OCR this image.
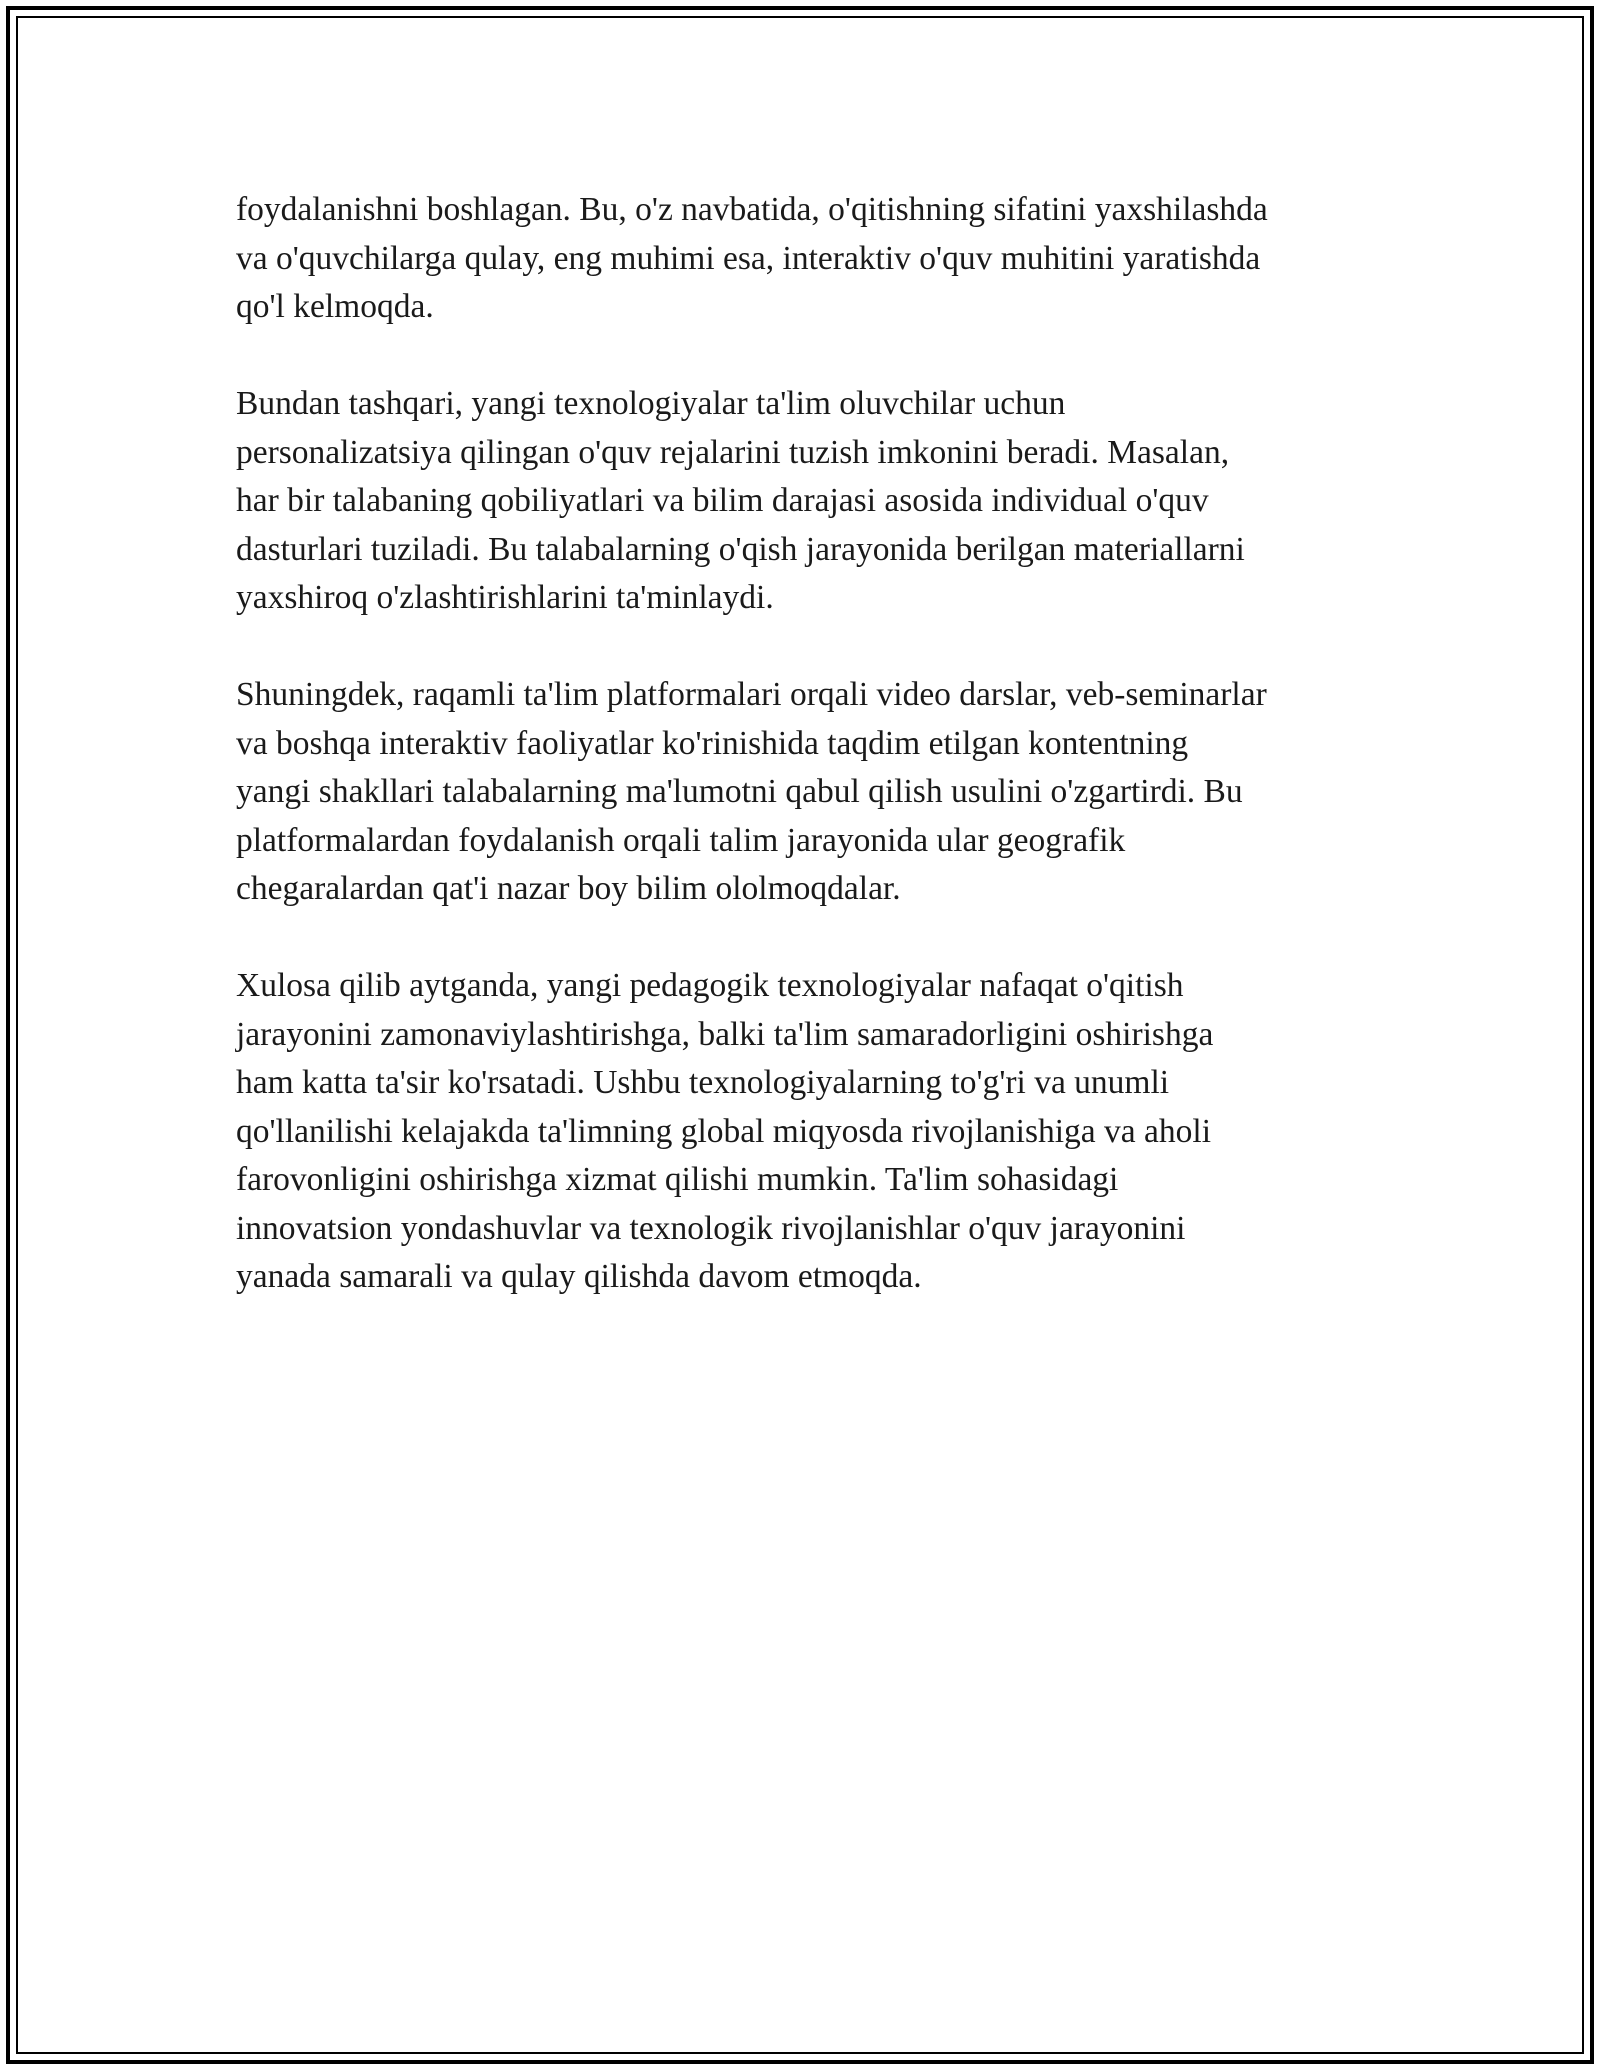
foydalanishni boshlagan. Bu, o'z navbatida, o'qitishning sifatini yaxshilashda
va o'quvchilarga qulay, eng muhimi esa, interaktiv o'quv muhitini yaratishda
qo'l kelmoqda.

Bundan tashqari, yangi texnologiyalar ta'lim oluvchilar uchun
personalizatsiya qilingan o'quv rejalarini tuzish imkonini beradi. Masalan,
har bir talabaning qobiliyatlari va bilim darajasi asosida individual o'quv
dasturlari tuziladi. Bu talabalarning o'qish jarayonida berilgan materiallarni
yaxshiroq o'zlashtirishlarini ta'minlaydi.

Shuningdek, raqamli ta'lim platformalari orqali video darslar, veb-seminarlar
va boshqa interaktiv faoliyatlar ko'rinishida taqdim etilgan kontentning
yangi shakllari talabalarning ma'lumotni qabul qilish usulini o'zgartirdi. Bu
platformalardan foydalanish orqali talim jarayonida ular geografik
chegaralardan qat'i nazar boy bilim ololmoqdalar.

Xulosa qilib aytganda, yangi pedagogik texnologiyalar nafaqat o'qitish
jarayonini zamonaviylashtirishga, balki ta'lim samaradorligini oshirishga
ham katta ta'sir ko'rsatadi. Ushbu texnologiyalarning to'g'ri va unumli
qo'llanilishi kelajakda ta'limning global miqyosda rivojlanishiga va aholi
farovonligini oshirishga xizmat qilishi mumkin. Ta'lim sohasidagi
innovatsion yondashuvlar va texnologik rivojlanishlar o'quv jarayonini
yanada samarali va qulay qilishda davom etmoqda.
